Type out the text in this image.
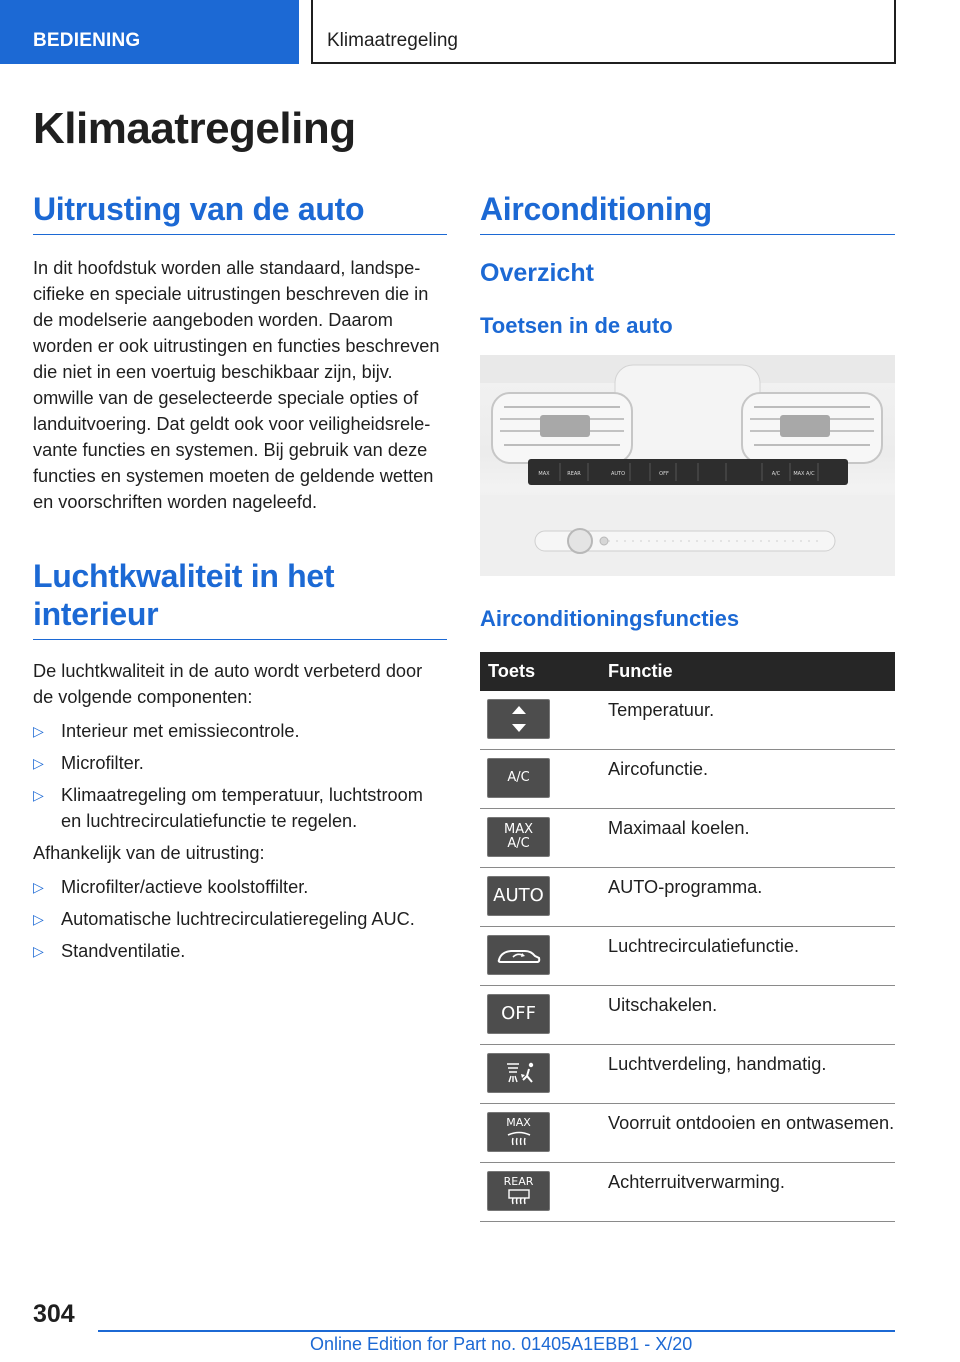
BEDIENING	Klimaatregeling
Klimaatregeling
Uitrusting van de auto

In dit hoofdstuk worden alle standaard, landspecifieke en speciale uitrustingen beschreven die in de modelserie aangeboden worden. Daarom worden er ook uitrustingen en functies beschreven die niet in een voertuig beschikbaar zijn, bijv. omwille van de geselecteerde speciale opties of landuitvoering. Dat geldt ook voor veiligheidsrelevante functies en systemen. Bij gebruik van deze functies en systemen moeten de geldende wetten en voorschriften worden nageleefd.

Luchtkwaliteit in het interieur

De luchtkwaliteit in de auto wordt verbeterd door de volgende componenten:

▷ Interieur met emissiecontrole.
▷ Microfilter.
▷ Klimaatregeling om temperatuur, luchtstroom en luchtrecirculatiefunctie te regelen.

Afhankelijk van de uitrusting:

▷ Microfilter/actieve koolstoffilter.
▷ Automatische luchtrecirculatieregeling AUC.
▷ Standventilatie.
Airconditioning
Overzicht
Toetsen in de auto
MAX	REAR	AUTO	OFF	A/C	MAX A/C
Airconditioningsfuncties
Toets	Functie

	Temperatuur.

A/C	Aircofunctie.

MAX A/C	Maximaal koelen.

AUTO	AUTO-programma.

	Luchtrecirculatiefunctie.

OFF	Uitschakelen.

	Luchtverdeling, handmatig.

MAX	Voorruit ontdooien en ontwasemen.

REAR	Achterruitverwarming.
304
Online Edition for Part no. 01405A1EBB1 - X/20
